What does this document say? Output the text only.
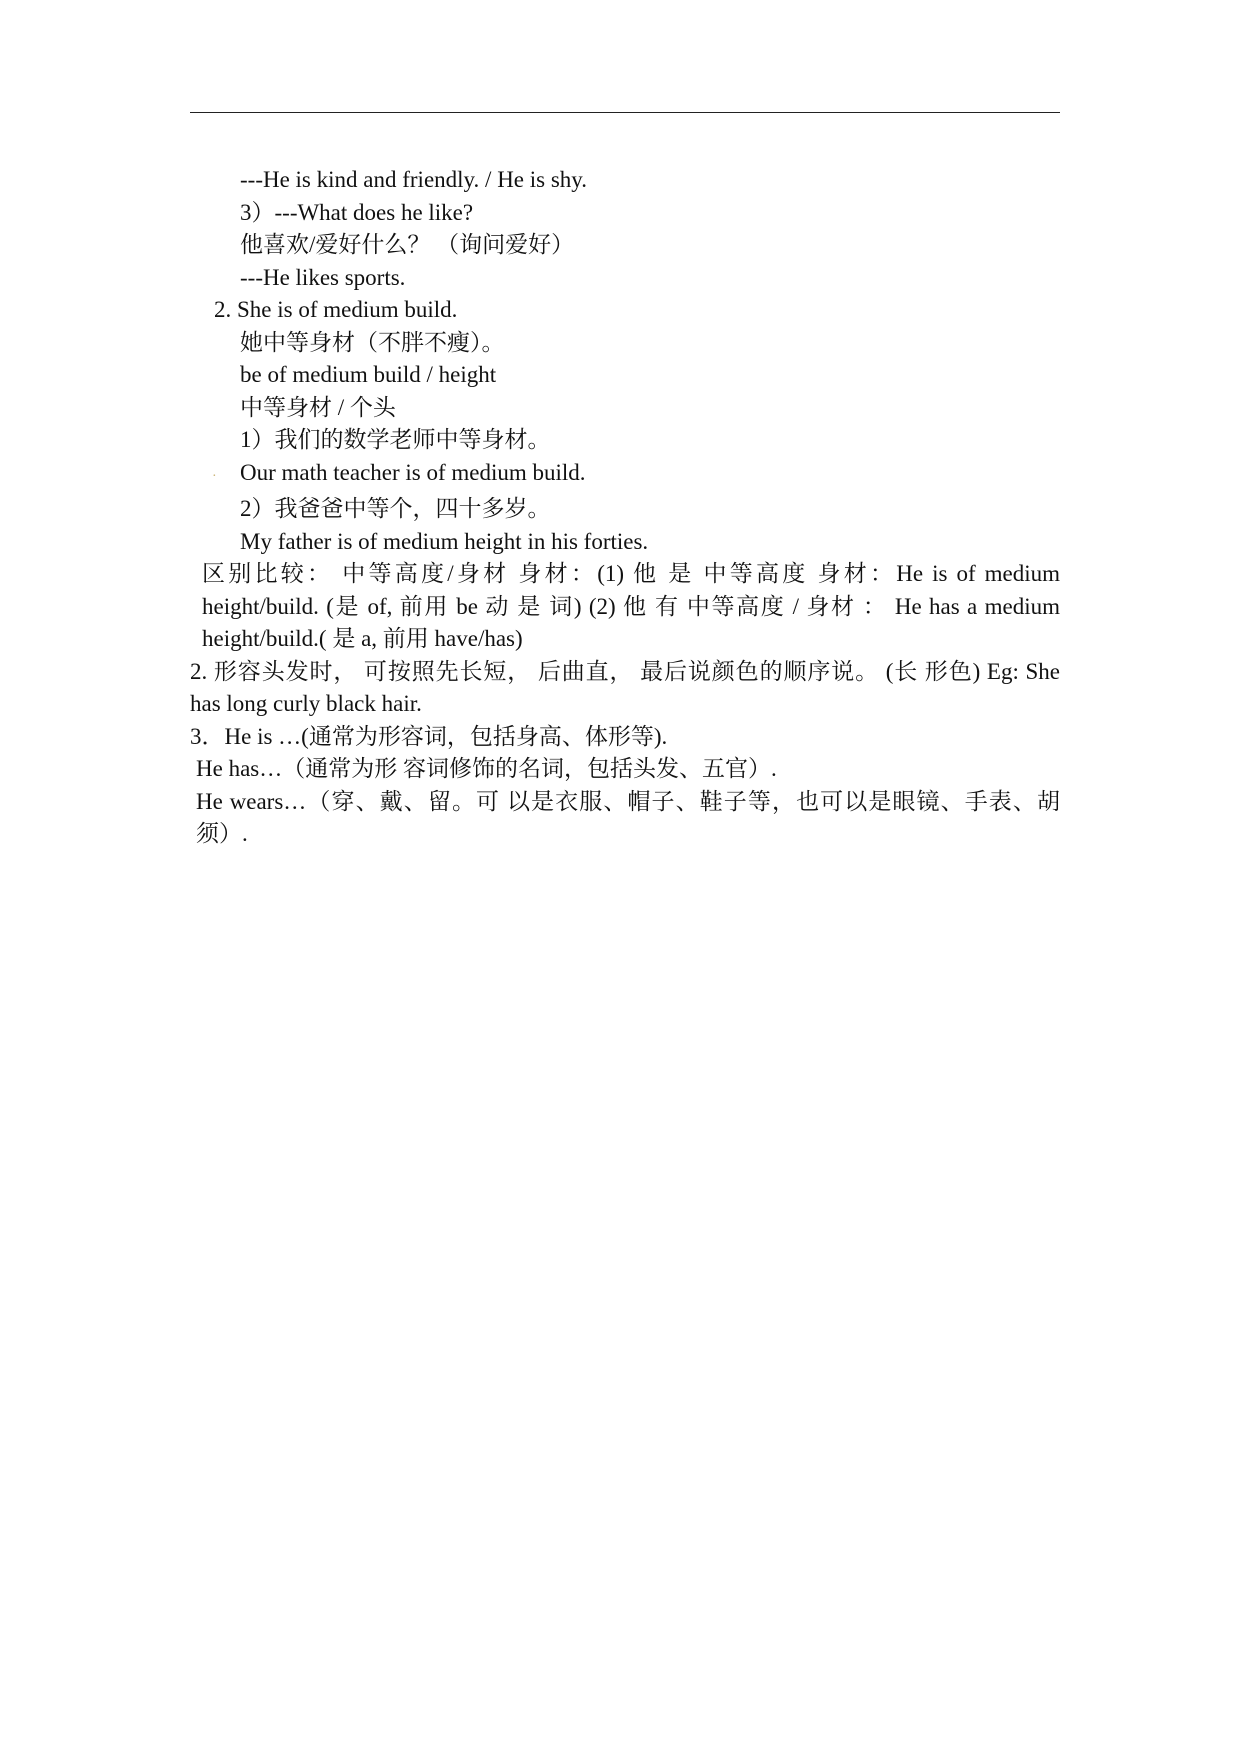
---He is kind and friendly. / He is shy.
3）---What does he like?
他喜欢/爱好什么？ （询问爱好）
---He likes sports.
2. She is of medium build.
她中等身材（不胖不瘦）。
be of medium build / height
中等身材 / 个头
1）我们的数学老师中等身材。
· Our math teacher is of medium build.
2）我爸爸中等个，四十多岁。
My father is of medium height in his forties.
区别比较： 中等高度/身材 身材：(1) 他 是 中等高度 身材：He is of medium height/build. (是 of, 前用 be 动 是 词) (2) 他 有 中等高度 / 身材 ： He has a medium height/build.( 是 a, 前用 have/has)
2. 形容头发时， 可按照先长短， 后曲直， 最后说颜色的顺序说。 (长 形色) Eg: She has long curly black hair.
3．He is …(通常为形容词，包括身高、体形等).
He has…（通常为形 容词修饰的名词，包括头发、五官）.
He wears…（穿、戴、留。可 以是衣服、帽子、鞋子等，也可以是眼镜、手表、胡须）.
